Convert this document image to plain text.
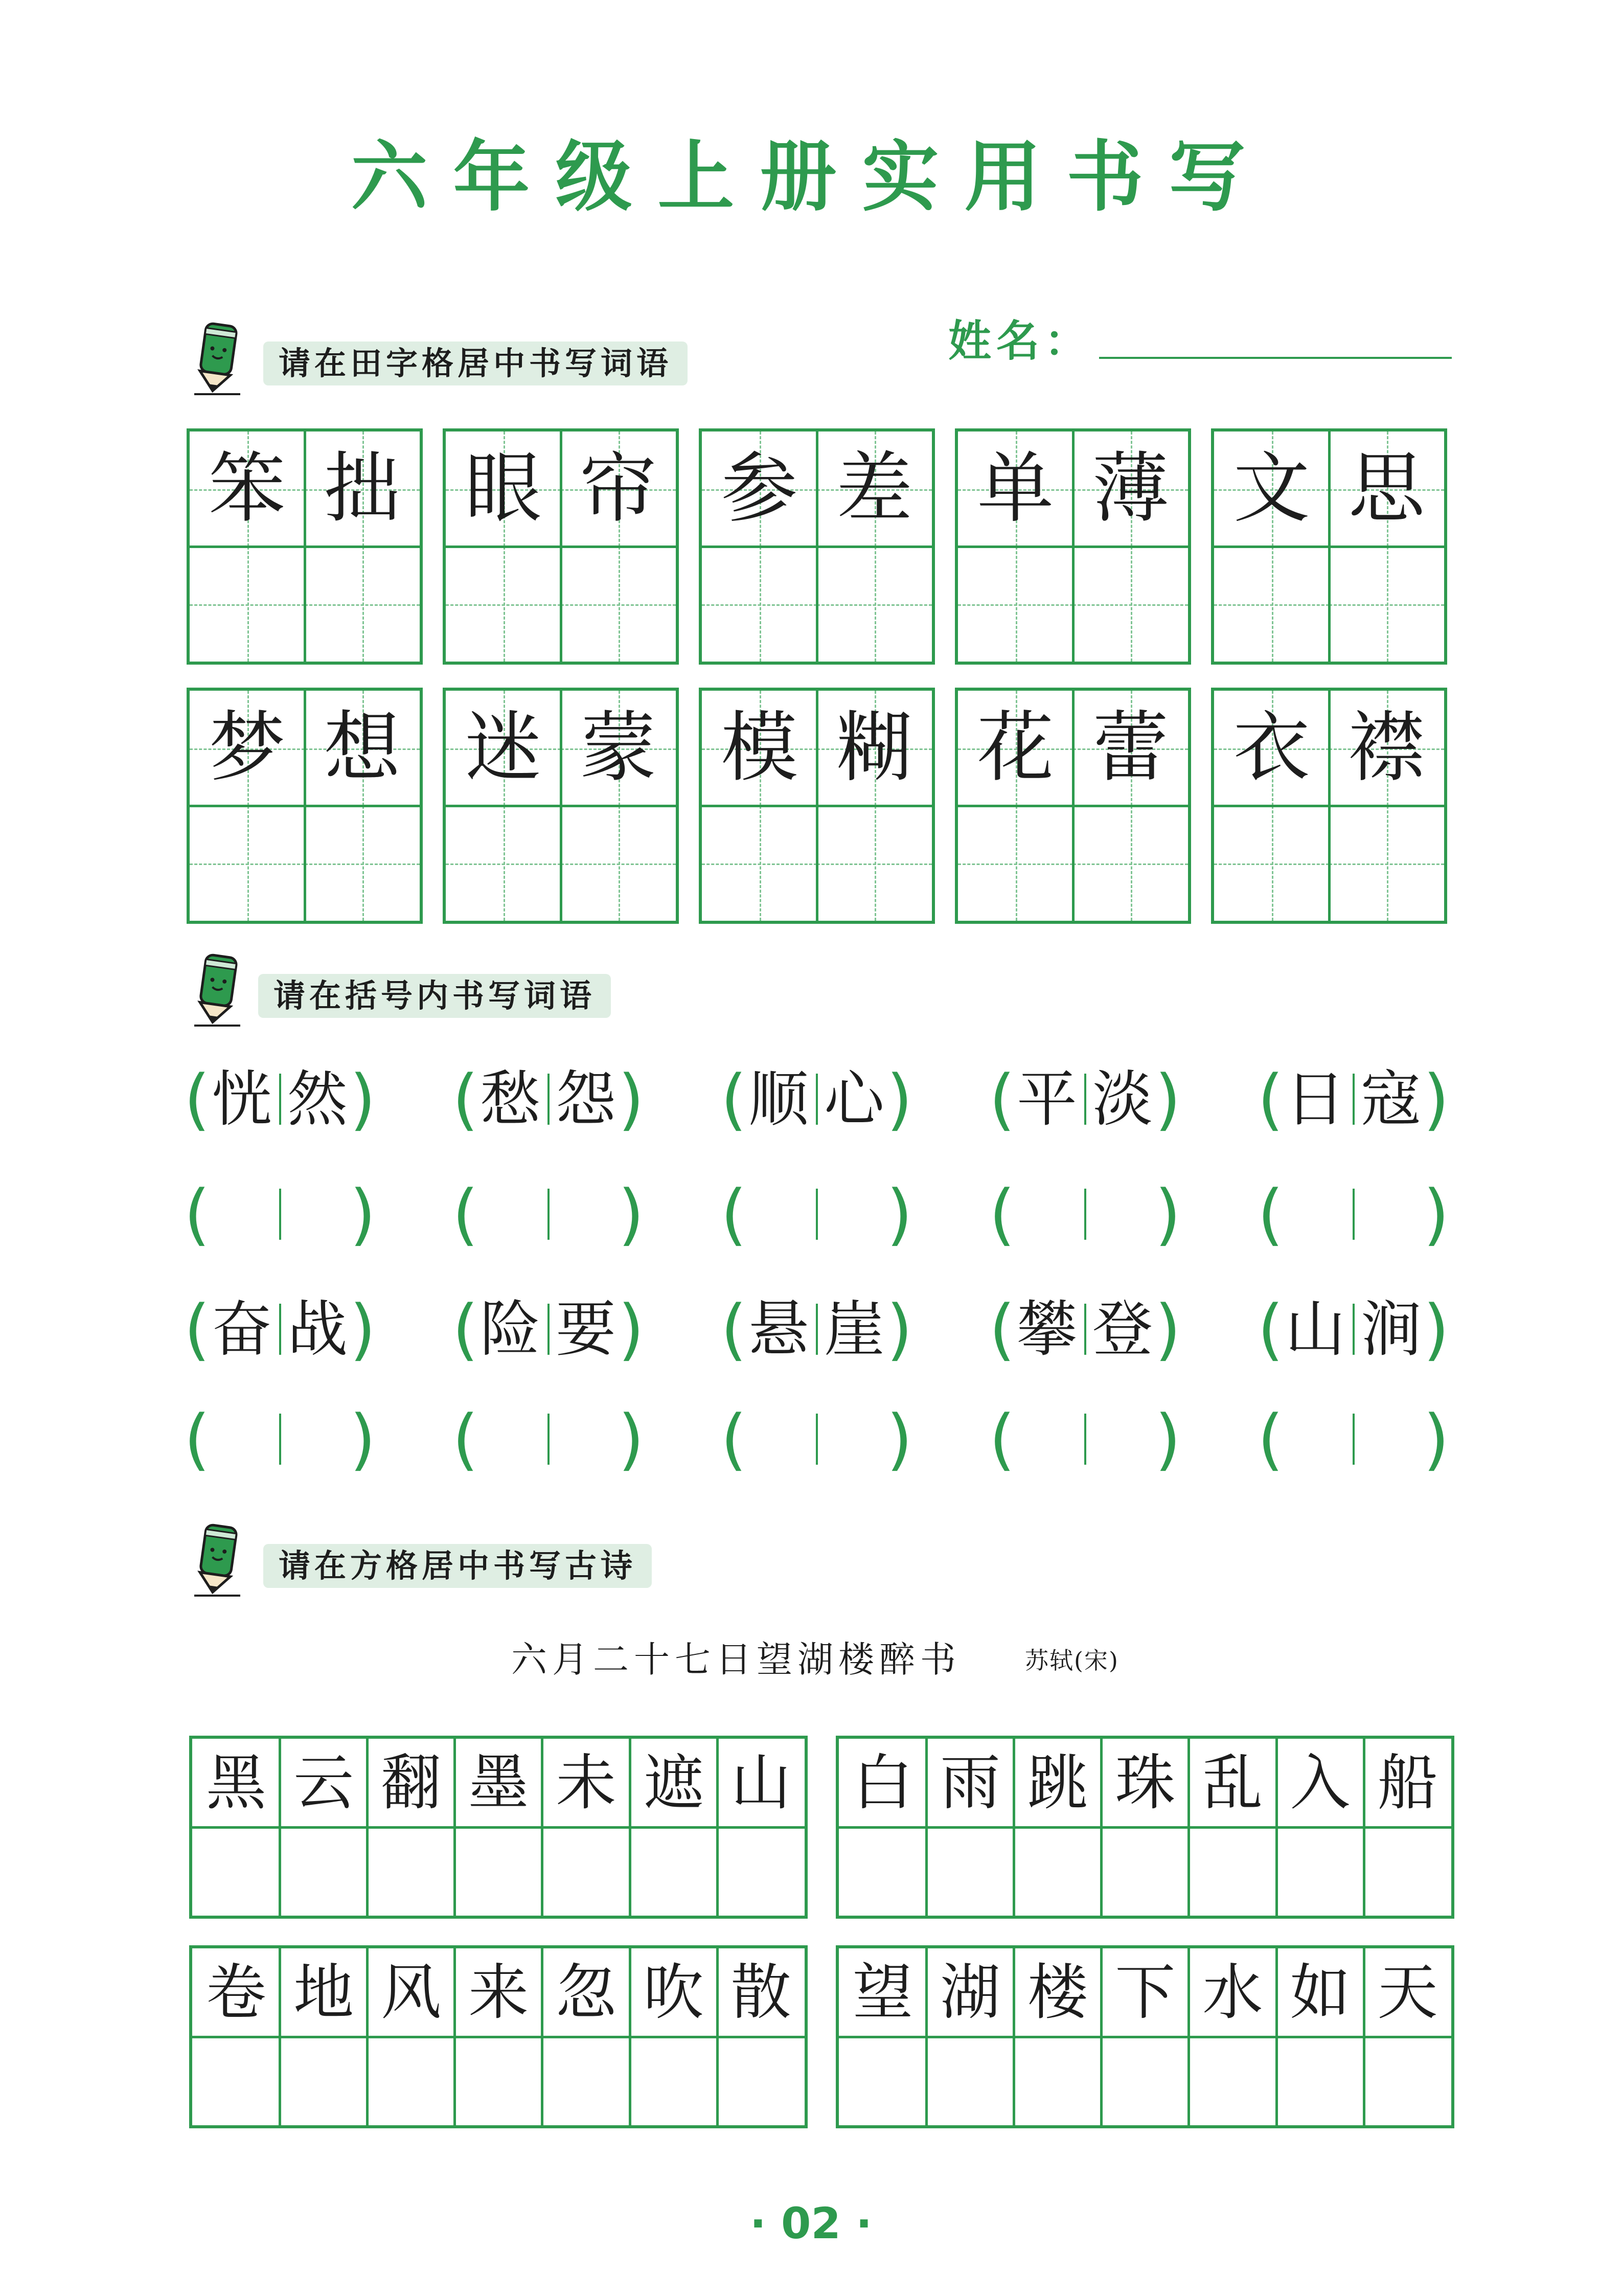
六年级上册实用书写
请在田字格居中书写词语	姓名：
笨 拙 眼 帘 参 差 单 薄 文 思
梦 想 迷 蒙 模 糊 花 蕾 衣 襟
请在括号内书写词语
( )
恍 然
( )
( )
愁 怨
( )
( )
顺 心
( )
( )
平 淡
( )
( )
日 寇
( )
( )
奋 战
( )
( )
险 要
( )
( )
悬 崖
( )
( )
攀 登
( )
( )
山 涧
( )
请在方格居中书写古诗
六月二十七日望湖楼醉书	苏轼(宋)
黑 云 翻 墨 未 遮 山 白 雨 跳 珠 乱 入 船
卷 地 风 来 忽 吹 散 望 湖 楼 下 水 如 天
· 02 ·
